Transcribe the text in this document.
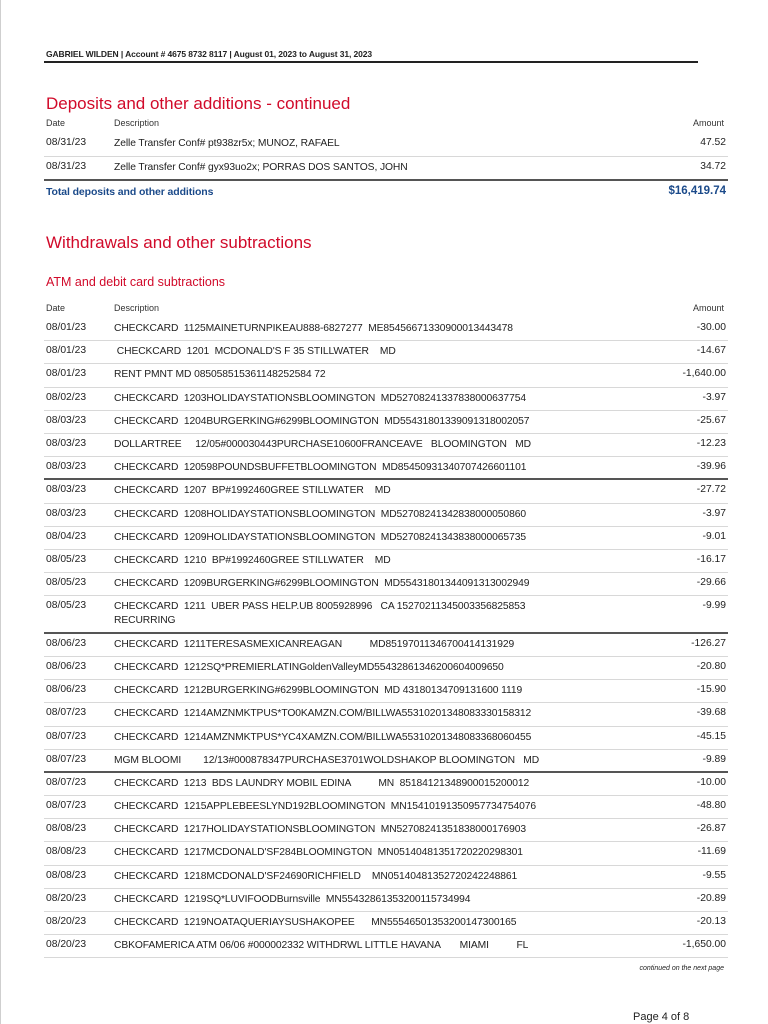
GABRIEL WILDEN | Account # 4675 8732 8117 | August 01, 2023 to August 31, 2023
Deposits and other additions - continued
Date	Description	Amount
08/31/23	Zelle Transfer Conf# pt938zr5x; MUNOZ, RAFAEL	47.52
08/31/23	Zelle Transfer Conf# gyx93uo2x; PORRAS DOS SANTOS, JOHN	34.72
Total deposits and other additions	$16,419.74
Withdrawals and other subtractions
ATM and debit card subtractions
Date	Description	Amount
08/01/23	CHECKCARD  1125MAINETURNPIKEAU888-6827277  ME85456671330900013443478	-30.00
08/01/23	CHECKCARD  1201  MCDONALD'S F 35 STILLWATER    MD	-14.67
08/01/23	RENT PMNT MD 085058515361148252584 72	-1,640.00
08/02/23	CHECKCARD  1203HOLIDAYSTATIONSBLOOMINGTON  MD52708241337838000637754	-3.97
08/03/23	CHECKCARD  1204BURGERKING#6299BLOOMINGTON  MD55431801339091318002057	-25.67
08/03/23	DOLLARTREE     12/05#000030443PURCHASE10600FRANCEAVE   BLOOMINGTON   MD	-12.23
08/03/23	CHECKCARD  120598POUNDSBUFFETBLOOMINGTON  MD85450931340707426601101	-39.96
08/03/23	CHECKCARD  1207  BP#1992460GREE STILLWATER    MD	-27.72
08/03/23	CHECKCARD  1208HOLIDAYSTATIONSBLOOMINGTON  MD52708241342838000050860	-3.97
08/04/23	CHECKCARD  1209HOLIDAYSTATIONSBLOOMINGTON  MD52708241343838000065735	-9.01
08/05/23	CHECKCARD  1210  BP#1992460GREE STILLWATER    MD	-16.17
08/05/23	CHECKCARD  1209BURGERKING#6299BLOOMINGTON  MD55431801344091313002949	-29.66
08/05/23	CHECKCARD  1211  UBER PASS HELP.UB 8005928996   CA 15270211345003356825853
RECURRING
-9.99
08/06/23	CHECKCARD  1211TERESASMEXICANREAGAN          MD85197011346700414131929	-126.27
08/06/23	CHECKCARD  1212SQ*PREMIERLATINGoldenValleyMD55432861346200604009650	-20.80
08/06/23	CHECKCARD  1212BURGERKING#6299BLOOMINGTON  MD 43180134709131600 1119	-15.90
08/07/23	CHECKCARD  1214AMZNMKTPUS*TO0KAMZN.COM/BILLWA55310201348083330158312	-39.68
08/07/23	CHECKCARD  1214AMZNMKTPUS*YC4XAMZN.COM/BILLWA55310201348083368060455	-45.15
08/07/23	MGM BLOOMI        12/13#000878347PURCHASE3701WOLDSHAKOP BLOOMINGTON   MD	-9.89
08/07/23	CHECKCARD  1213  BDS LAUNDRY MOBIL EDINA          MN  85184121348900015200012	-10.00
08/07/23	CHECKCARD  1215APPLEBEESLYND192BLOOMINGTON  MN15410191350957734754076	-48.80
08/08/23	CHECKCARD  1217HOLIDAYSTATIONSBLOOMINGTON  MN52708241351838000176903	-26.87
08/08/23	CHECKCARD  1217MCDONALD'SF284BLOOMINGTON  MN05140481351720220298301	-11.69
08/08/23	CHECKCARD  1218MCDONALD'SF24690RICHFIELD    MN05140481352720242248861	-9.55
08/20/23	CHECKCARD  1219SQ*LUVIFOODBurnsville  MN55432861353200115734994	-20.89
08/20/23	CHECKCARD  1219NOATAQUERIAYSUSHAKOPEE      MN55546501353200147300165	-20.13
08/20/23	CBKOFAMERICA ATM 06/06 #000002332 WITHDRWL LITTLE HAVANA       MIAMI          FL	-1,650.00
continued on the next page
Page 4 of 8
